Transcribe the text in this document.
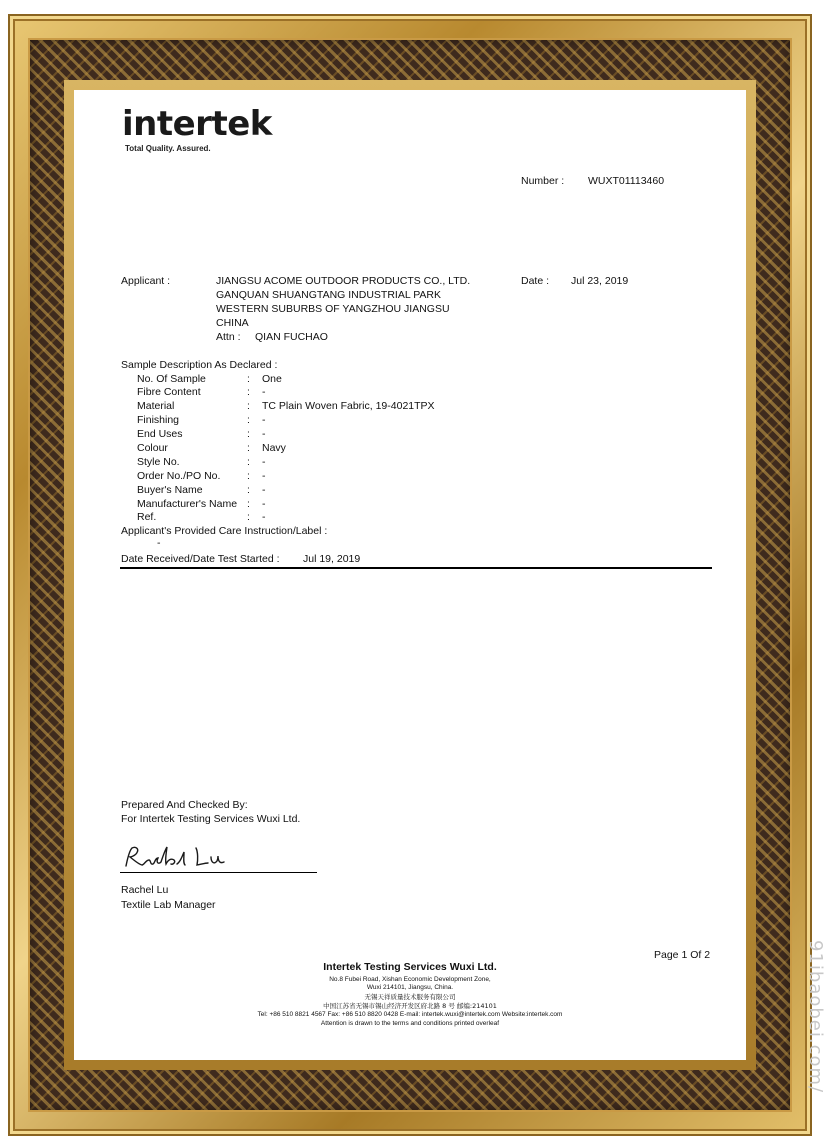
intertek
Total Quality. Assured.
Number : WUXT01113460
Applicant :	JIANGSU ACOME OUTDOOR PRODUCTS CO., LTD.
GANQUAN SHUANGTANG INDUSTRIAL PARK
WESTERN SUBURBS OF YANGZHOU JIANGSU
CHINA
Attn : QIAN FUCHAO
Date : Jul 23, 2019
Sample Description As Declared :
No. Of Sample	: One
Fibre Content	: -
Material	: TC Plain Woven Fabric, 19-4021TPX
Finishing	: -
End Uses	: -
Colour	: Navy
Style No.	: -
Order No./PO No.	: -
Buyer's Name	: -
Manufacturer's Name : -
Ref.	: -
Applicant's Provided Care Instruction/Label :
-
Date Received/Date Test Started : Jul 19, 2019
Prepared And Checked By:
For Intertek Testing Services Wuxi Ltd.
Rachel Lu
Textile Lab Manager
Page 1 Of 2
Intertek Testing Services Wuxi Ltd.
No.8 Fubei Road, Xishan Economic Development Zone,
Wuxi 214101, Jiangsu, China.
无锡天祥质量技术服务有限公司
中国江苏省无锡市锡山经济开发区府北路 8 号 邮编:214101
Tel: +86 510 8821 4567 Fax: +86 510 8820 0428 E-mail: intertek.wuxi@intertek.com Website:intertek.com
Attention is drawn to the terms and conditions printed overleaf	91ibaobei.com/
